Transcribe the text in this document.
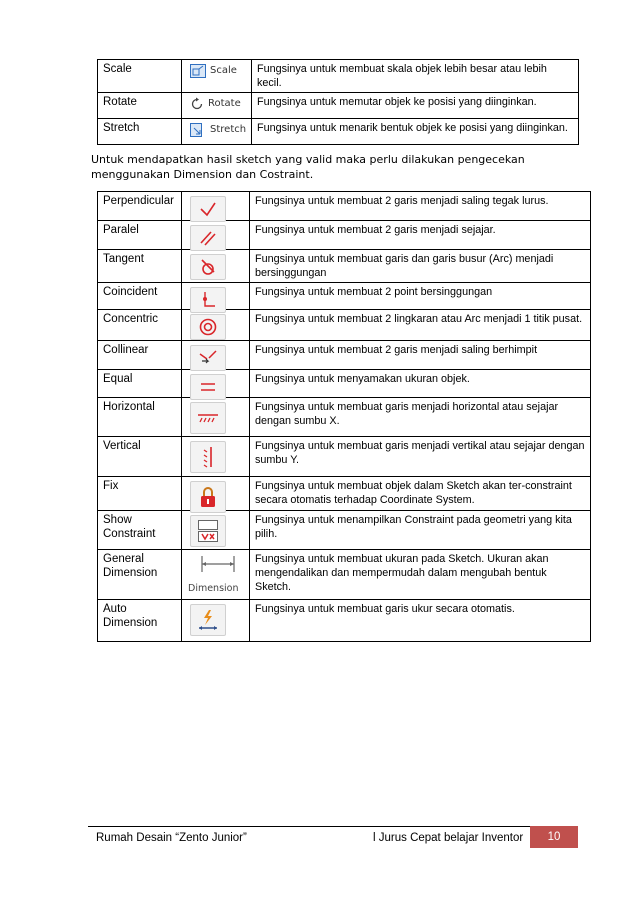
Scale	Scale	Fungsinya untuk membuat skala objek lebih besar atau lebih kecil.
Rotate	Rotate	Fungsinya untuk memutar objek ke posisi yang diinginkan.
Stretch	Stretch	Fungsinya untuk menarik bentuk objek ke posisi yang diinginkan.
Untuk mendapatkan hasil sketch yang valid maka perlu dilakukan pengecekan menggunakan Dimension dan Costraint.
Perpendicular		Fungsinya untuk membuat 2 garis menjadi saling tegak lurus.
Paralel		Fungsinya untuk membuat 2 garis menjadi sejajar.
Tangent		Fungsinya untuk membuat garis dan garis busur (Arc) menjadi bersinggungan
Coincident		Fungsinya untuk membuat 2 point bersinggungan
Concentric		Fungsinya untuk membuat 2 lingkaran atau Arc menjadi 1 titik pusat.
Collinear		Fungsinya untuk membuat 2 garis menjadi saling berhimpit
Equal		Fungsinya untuk menyamakan ukuran objek.
Horizontal		Fungsinya untuk membuat garis menjadi horizontal atau sejajar dengan sumbu X.
Vertical		Fungsinya untuk membuat garis menjadi vertikal atau sejajar dengan sumbu Y.
Fix		Fungsinya untuk membuat objek dalam Sketch akan ter-constraint secara otomatis terhadap Coordinate System.
Show Constraint		Fungsinya untuk menampilkan Constraint pada geometri yang kita pilih.
General Dimension	Dimension	Fungsinya untuk membuat ukuran pada Sketch. Ukuran akan mengendalikan dan mempermudah dalam mengubah bentuk Sketch.
Auto Dimension		Fungsinya untuk membuat garis ukur secara otomatis.
Rumah Desain “Zento Junior”	l Jurus Cepat belajar Inventor	10
